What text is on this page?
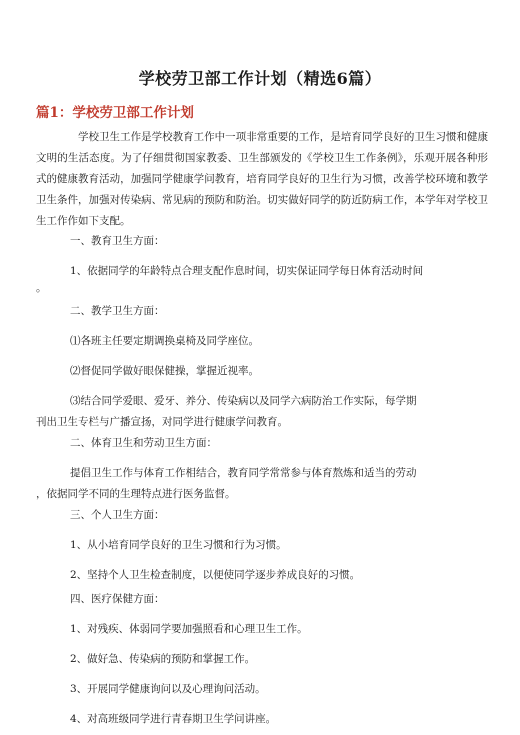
学校劳卫部工作计划（精选6篇）
篇1：学校劳卫部工作计划
学校卫生工作是学校教育工作中一项非常重要的工作，是培育同学良好的卫生习惯和健康文明的生活态度。为了仔细贯彻国家教委、卫生部颁发的《学校卫生工作条例》，乐观开展各种形式的健康教育活动，加强同学健康学问教育，培育同学良好的卫生行为习惯，改善学校环境和教学卫生条件，加强对传染病、常见病的预防和防治。切实做好同学的防近防病工作，本学年对学校卫生工作作如下支配。
一、教育卫生方面：
1、依据同学的年龄特点合理支配作息时间，切实保证同学每日体育活动时间
。
二、教学卫生方面：
⑴各班主任要定期调换桌椅及同学座位。
⑵督促同学做好眼保健操，掌握近视率。
⑶结合同学爱眼、爱牙、养分、传染病以及同学六病防治工作实际，每学期
刊出卫生专栏与广播宣扬，对同学进行健康学问教育。
二、体育卫生和劳动卫生方面：
提倡卫生工作与体育工作相结合，教育同学常常参与体育熬炼和适当的劳动
，依据同学不同的生理特点进行医务监督。
三、个人卫生方面：
1、从小培育同学良好的卫生习惯和行为习惯。
2、坚持个人卫生检查制度，以便使同学逐步养成良好的习惯。
四、医疗保健方面：
1、对残疾、体弱同学要加强照看和心理卫生工作。
2、做好急、传染病的预防和掌握工作。
3、开展同学健康询问以及心理询问活动。
4、对高班级同学进行青春期卫生学问讲座。
